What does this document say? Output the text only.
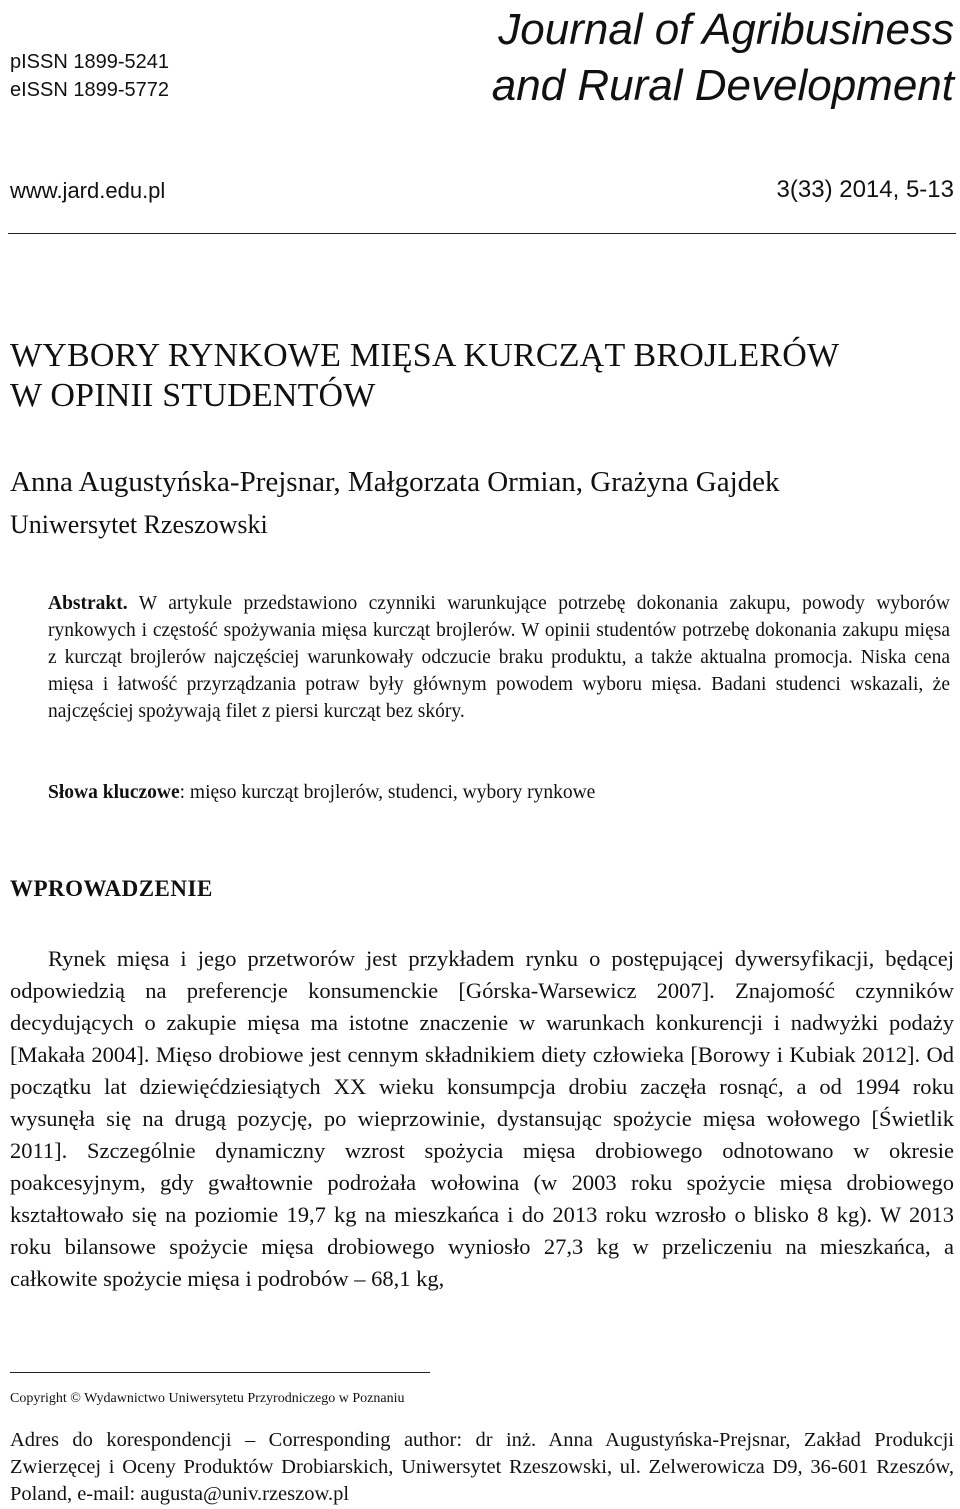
pISSN 1899-5241
eISSN 1899-5772
Journal of Agribusiness
and Rural Development
www.jard.edu.pl	3(33) 2014, 5-13
WYBORY RYNKOWE MIĘSA KURCZĄT BROJLERÓW
W OPINII STUDENTÓW
Anna Augustyńska-Prejsnar, Małgorzata Ormian, Grażyna Gajdek
Uniwersytet Rzeszowski
Abstrakt. W artykule przedstawiono czynniki warunkujące potrzebę dokonania zakupu, powody wyborów rynkowych i częstość spożywania mięsa kurcząt brojlerów. W opinii studentów potrzebę dokonania zakupu mięsa z kurcząt brojlerów najczęściej warunkowały odczucie braku produktu, a także aktualna promocja. Niska cena mięsa i łatwość przyrządzania potraw były głównym powodem wyboru mięsa. Badani studenci wskazali, że najczęściej spożywają filet z piersi kurcząt bez skóry.
Słowa kluczowe: mięso kurcząt brojlerów, studenci, wybory rynkowe
WPROWADZENIE
Rynek mięsa i jego przetworów jest przykładem rynku o postępującej dywersyfikacji, będącej odpowiedzią na preferencje konsumenckie [Górska-Warsewicz 2007]. Znajomość czynników decydujących o zakupie mięsa ma istotne znaczenie w warunkach konkurencji i nadwyżki podaży [Makała 2004]. Mięso drobiowe jest cennym składnikiem diety człowieka [Borowy i Kubiak 2012]. Od początku lat dziewięćdziesiątych XX wieku konsumpcja drobiu zaczęła rosnąć, a od 1994 roku wysunęła się na drugą pozycję, po wieprzowinie, dystansując spożycie mięsa wołowego [Świetlik 2011]. Szczególnie dynamiczny wzrost spożycia mięsa drobiowego odnotowano w okresie poakcesyjnym, gdy gwałtownie podrożała wołowina (w 2003 roku spożycie mięsa drobiowego kształtowało się na poziomie 19,7 kg na mieszkańca i do 2013 roku wzrosło o blisko 8 kg). W 2013 roku bilansowe spożycie mięsa drobiowego wyniosło 27,3 kg w przeliczeniu na mieszkańca, a całkowite spożycie mięsa i podrobów – 68,1 kg,
Copyright © Wydawnictwo Uniwersytetu Przyrodniczego w Poznaniu
Adres do korespondencji – Corresponding author: dr inż. Anna Augustyńska-Prejsnar, Zakład Produkcji Zwierzęcej i Oceny Produktów Drobiarskich, Uniwersytet Rzeszowski, ul. Zelwerowicza D9, 36-601 Rzeszów, Poland, e-mail: augusta@univ.rzeszow.pl
